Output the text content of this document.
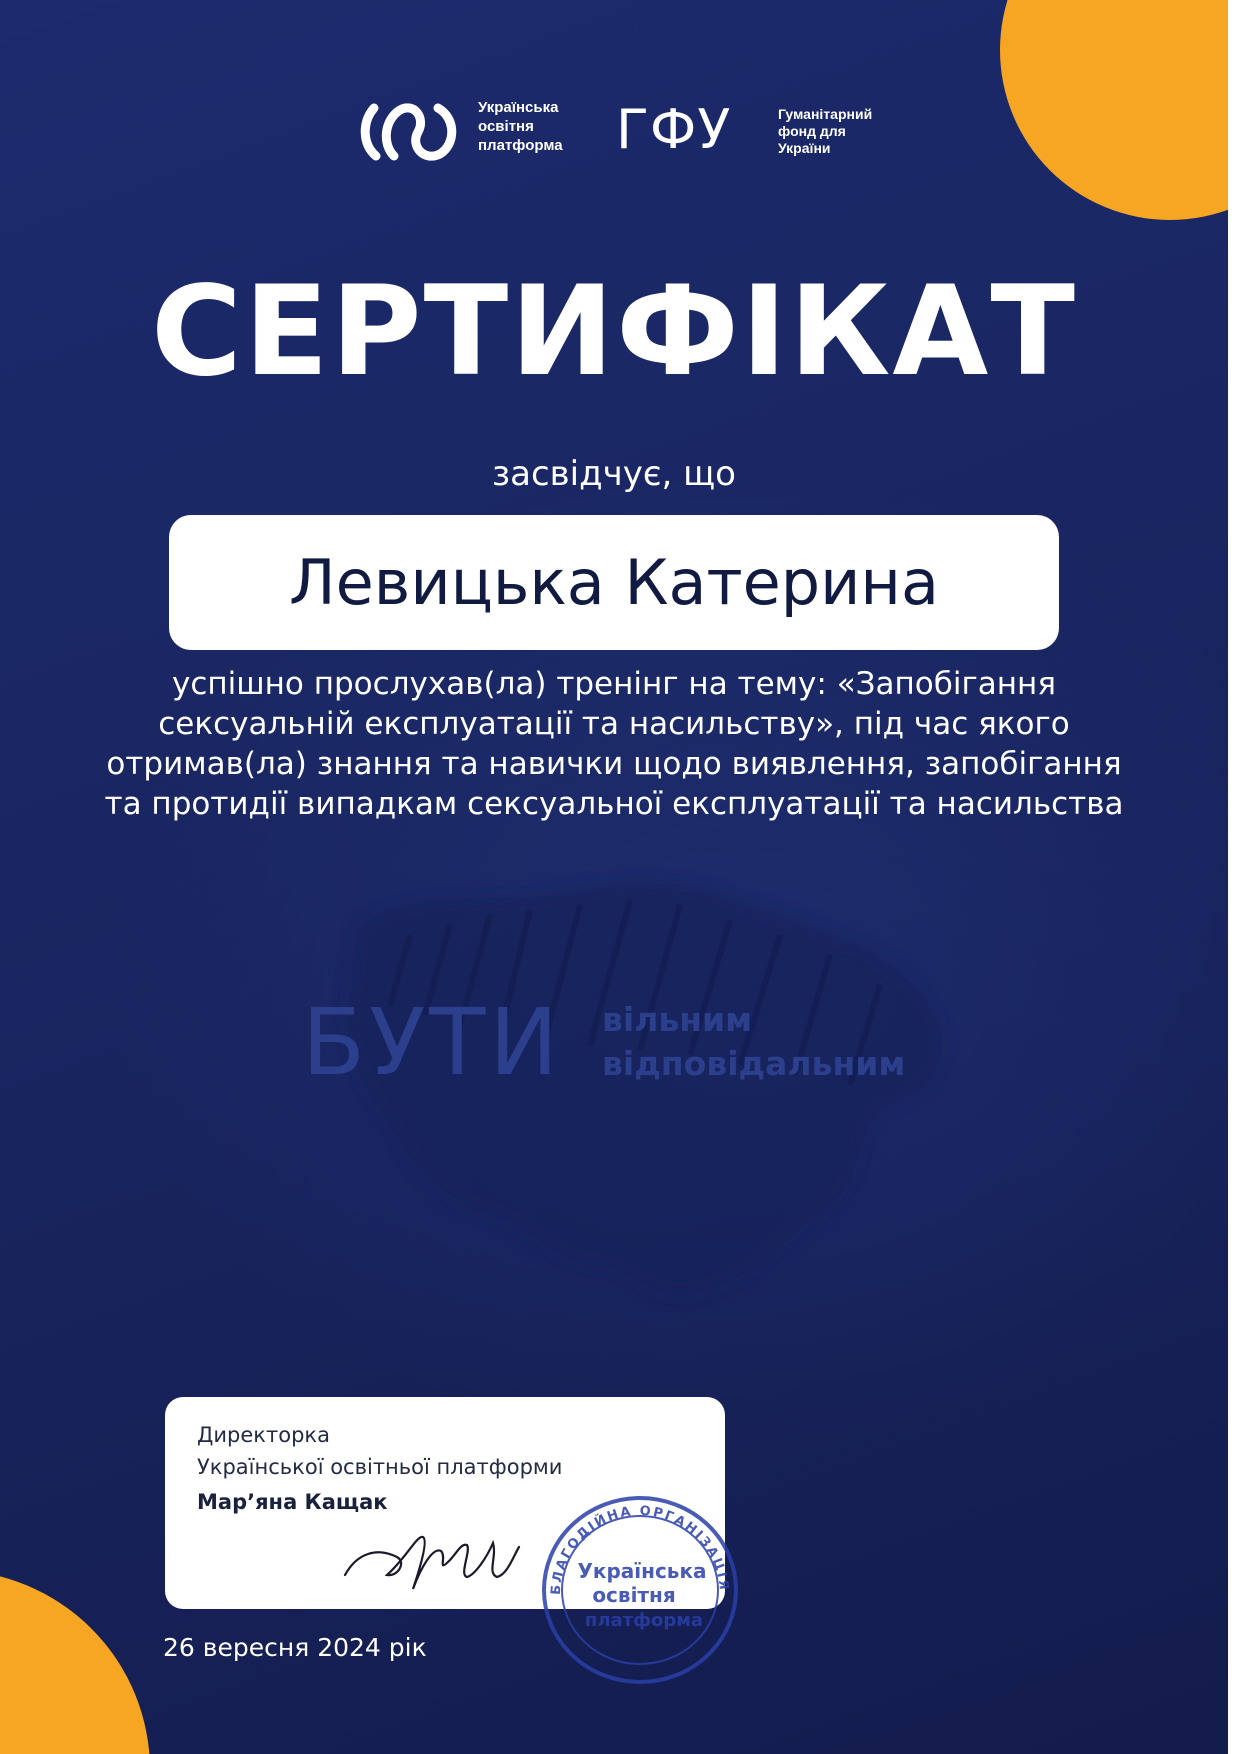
Українська
освітня
платформа ГФУ	Гуманітарний
фонд для
України
СЕРТИФІКАТ
засвідчує, що
Левицька Катерина
успішно прослухав(ла) тренінг на тему: «Запобігання
сексуальній експлуатації та насильству», під час якого
отримав(ла) знання та навички щодо виявлення, запобігання
та протидії випадкам сексуальної експлуатації та насильства
БУТИ вільним
відповідальним
Директорка
Української освітньої платформи
Мар’яна Кащак
БЛАГОДІЙНА ОРГАНІЗАЦІЯ
Українська
освітня
платформа
26 вересня 2024 рік
